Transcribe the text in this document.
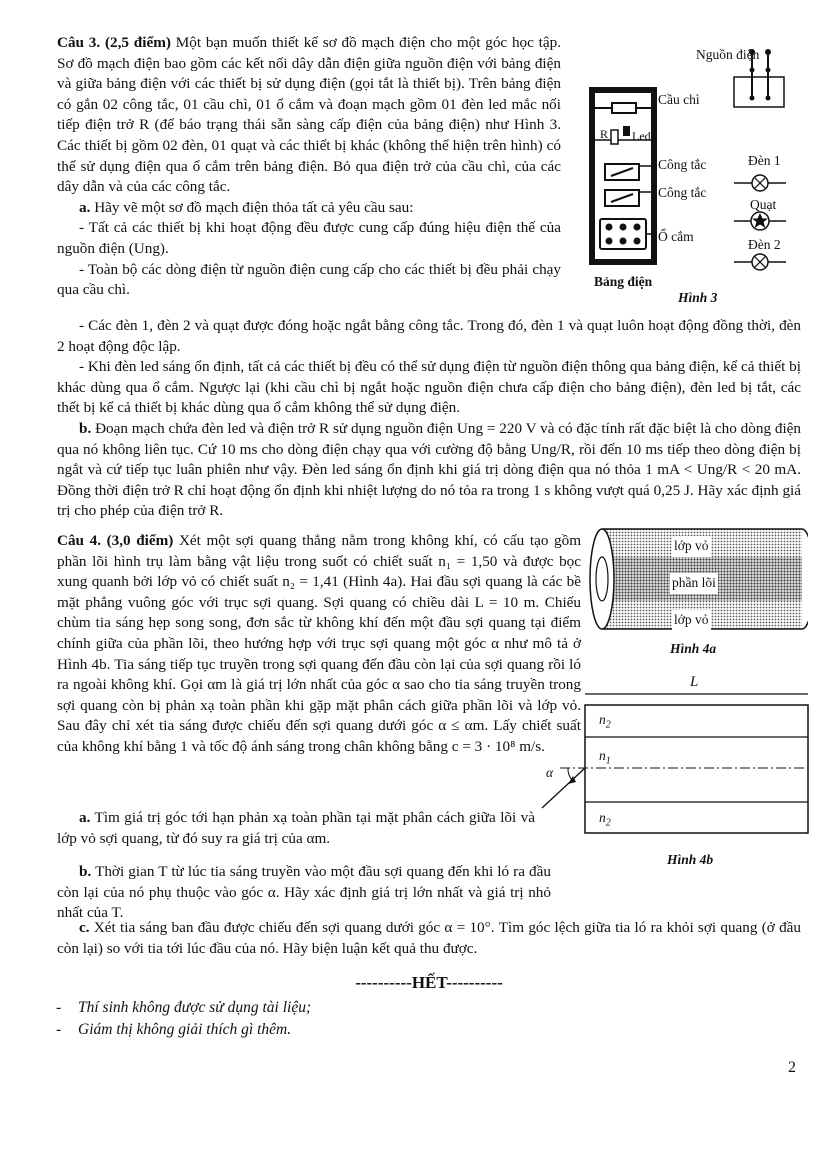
Câu 3. (2,5 điểm) Một bạn muốn thiết kế sơ đồ mạch điện cho một góc học tập. Sơ đồ mạch điện bao gồm các kết nối dây dẫn điện giữa nguồn điện với bảng điện và giữa bảng điện với các thiết bị sử dụng điện (gọi tắt là thiết bị). Trên bảng điện có gắn 02 công tắc, 01 cầu chì, 01 ổ cắm và đoạn mạch gồm 01 đèn led mắc nối tiếp điện trở R (để báo trạng thái sẵn sàng cấp điện của bảng điện) như Hình 3. Các thiết bị gồm 02 đèn, 01 quạt và các thiết bị khác (không thể hiện trên hình) có thể sử dụng điện qua ổ cắm trên bảng điện. Bỏ qua điện trở của cầu chì, của các dây dẫn và của các công tắc.

a. Hãy vẽ một sơ đồ mạch điện thỏa tất cả yêu cầu sau:

- Tất cả các thiết bị khi hoạt động đều được cung cấp đúng hiệu điện thế của nguồn điện (Ung).

- Toàn bộ các dòng điện từ nguồn điện cung cấp cho các thiết bị đều phải chạy qua cầu chì.

- Các đèn 1, đèn 2 và quạt được đóng hoặc ngắt bằng công tắc. Trong đó, đèn 1 và quạt luôn hoạt động đồng thời, đèn 2 hoạt động độc lập.

- Khi đèn led sáng ổn định, tất cả các thiết bị đều có thể sử dụng điện từ nguồn điện thông qua bảng điện, kể cả thiết bị khác dùng qua ổ cắm. Ngược lại (khi cầu chì bị ngắt hoặc nguồn điện chưa cấp điện cho bảng điện), đèn led bị tắt, các thết bị kể cả thiết bị khác dùng qua ổ cắm không thể sử dụng điện.

b. Đoạn mạch chứa đèn led và điện trở R sử dụng nguồn điện Ung = 220 V và có đặc tính rất đặc biệt là cho dòng điện qua nó không liên tục. Cứ 10 ms cho dòng điện chạy qua với cường độ bằng Ung/R, rồi đến 10 ms tiếp theo dòng điện bị ngắt và cứ tiếp tục luân phiên như vậy. Đèn led sáng ổn định khi giá trị dòng điện qua nó thỏa 1 mA < Ung/R < 20 mA. Đồng thời điện trở R chỉ hoạt động ổn định khi nhiệt lượng do nó tỏa ra trong 1 s không vượt quá 0,25 J. Hãy xác định giá trị cho phép của điện trở R.

Nguồn điện
Cầu chì
R Led
Công tắc
Công tắc
Ổ cắm
Đèn 1
Quạt
Đèn 2
Bảng điện
Hình 3

Câu 4. (3,0 điểm) Xét một sợi quang thẳng nằm trong không khí, có cấu tạo gồm phần lõi hình trụ làm bằng vật liệu trong suốt có chiết suất n₁ = 1,50 và được bọc xung quanh bởi lớp vỏ có chiết suất n₂ = 1,41 (Hình 4a). Hai đầu sợi quang là các bề mặt phẳng vuông góc với trục sợi quang. Sợi quang có chiều dài L = 10 m. Chiếu chùm tia sáng hẹp song song, đơn sắc từ không khí đến một đầu sợi quang tại điểm chính giữa của phần lõi, theo hướng hợp với trục sợi quang một góc α như mô tả ở Hình 4b. Tia sáng tiếp tục truyền trong sợi quang đến đầu còn lại của sợi quang rồi ló ra ngoài không khí. Gọi αm là giá trị lớn nhất của góc α sao cho tia sáng truyền trong sợi quang còn bị phản xạ toàn phần khi gặp mặt phân cách giữa phần lõi và lớp vỏ. Sau đây chỉ xét tia sáng được chiếu đến sợi quang dưới góc α ≤ αm. Lấy chiết suất của không khí bằng 1 và tốc độ ánh sáng trong chân không bằng c = 3 · 10⁸ m/s.

a. Tìm giá trị góc tới hạn phản xạ toàn phần tại mặt phân cách giữa lõi và lớp vỏ sợi quang, từ đó suy ra giá trị của αm.

b. Thời gian T từ lúc tia sáng truyền vào một đầu sợi quang đến khi ló ra đầu còn lại của nó phụ thuộc vào góc α. Hãy xác định giá trị lớn nhất và giá trị nhỏ nhất của T.

c. Xét tia sáng ban đầu được chiếu đến sợi quang dưới góc α = 10°. Tìm góc lệch giữa tia ló ra khỏi sợi quang (ở đầu còn lại) so với tia tới lúc đầu của nó. Hãy biện luận kết quả thu được.

lớp vỏ
phần lõi
lớp vỏ
Hình 4a
L
$n_2$
$n_1$
$n_2$
α
Hình 4b
----------HẾT----------
- Thí sinh không được sử dụng tài liệu;
- Giám thị không giải thích gì thêm.
2
